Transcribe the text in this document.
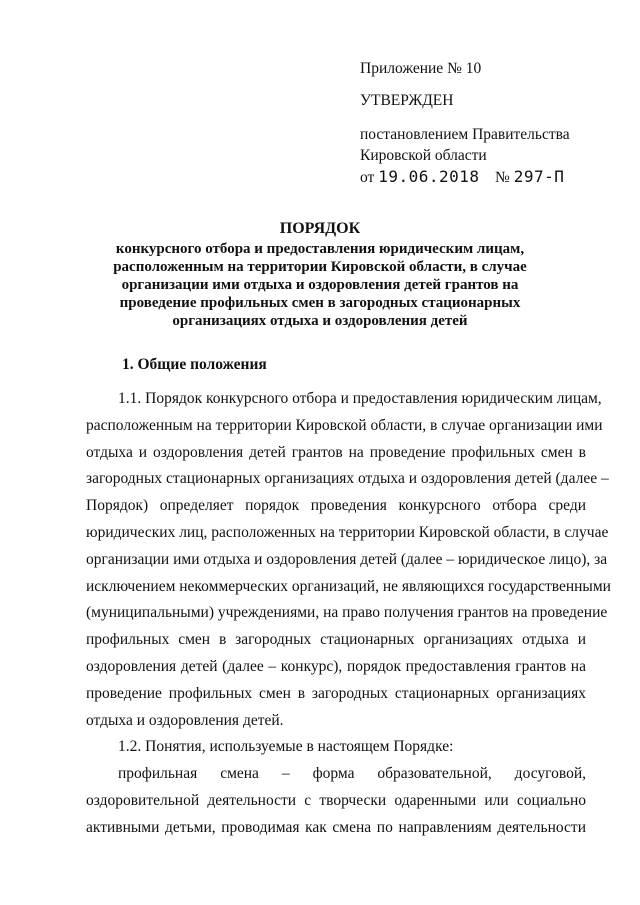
Приложение № 10
УТВЕРЖДЕН
постановлением Правительства
Кировской области
от 19.06.2018 № 297-П
ПОРЯДОК
конкурсного отбора и предоставления юридическим лицам,
расположенным на территории Кировской области, в случае
организации ими отдыха и оздоровления детей грантов на
проведение профильных смен в загородных стационарных
организациях отдыха и оздоровления детей
1. Общие положения
1.1. Порядок конкурсного отбора и предоставления юридическим лицам,
расположенным на территории Кировской области, в случае организации ими
отдыха и оздоровления детей грантов на проведение профильных смен в
загородных стационарных организациях отдыха и оздоровления детей (далее –
Порядок) определяет порядок проведения конкурсного отбора среди
юридических лиц, расположенных на территории Кировской области, в случае
организации ими отдыха и оздоровления детей (далее – юридическое лицо), за
исключением некоммерческих организаций, не являющихся государственными
(муниципальными) учреждениями, на право получения грантов на проведение
профильных смен в загородных стационарных организациях отдыха и
оздоровления детей (далее – конкурс), порядок предоставления грантов на
проведение профильных смен в загородных стационарных организациях
отдыха и оздоровления детей.
1.2. Понятия, используемые в настоящем Порядке:
профильная смена – форма образовательной, досуговой,
оздоровительной деятельности с творчески одаренными или социально
активными детьми, проводимая как смена по направлениям деятельности
